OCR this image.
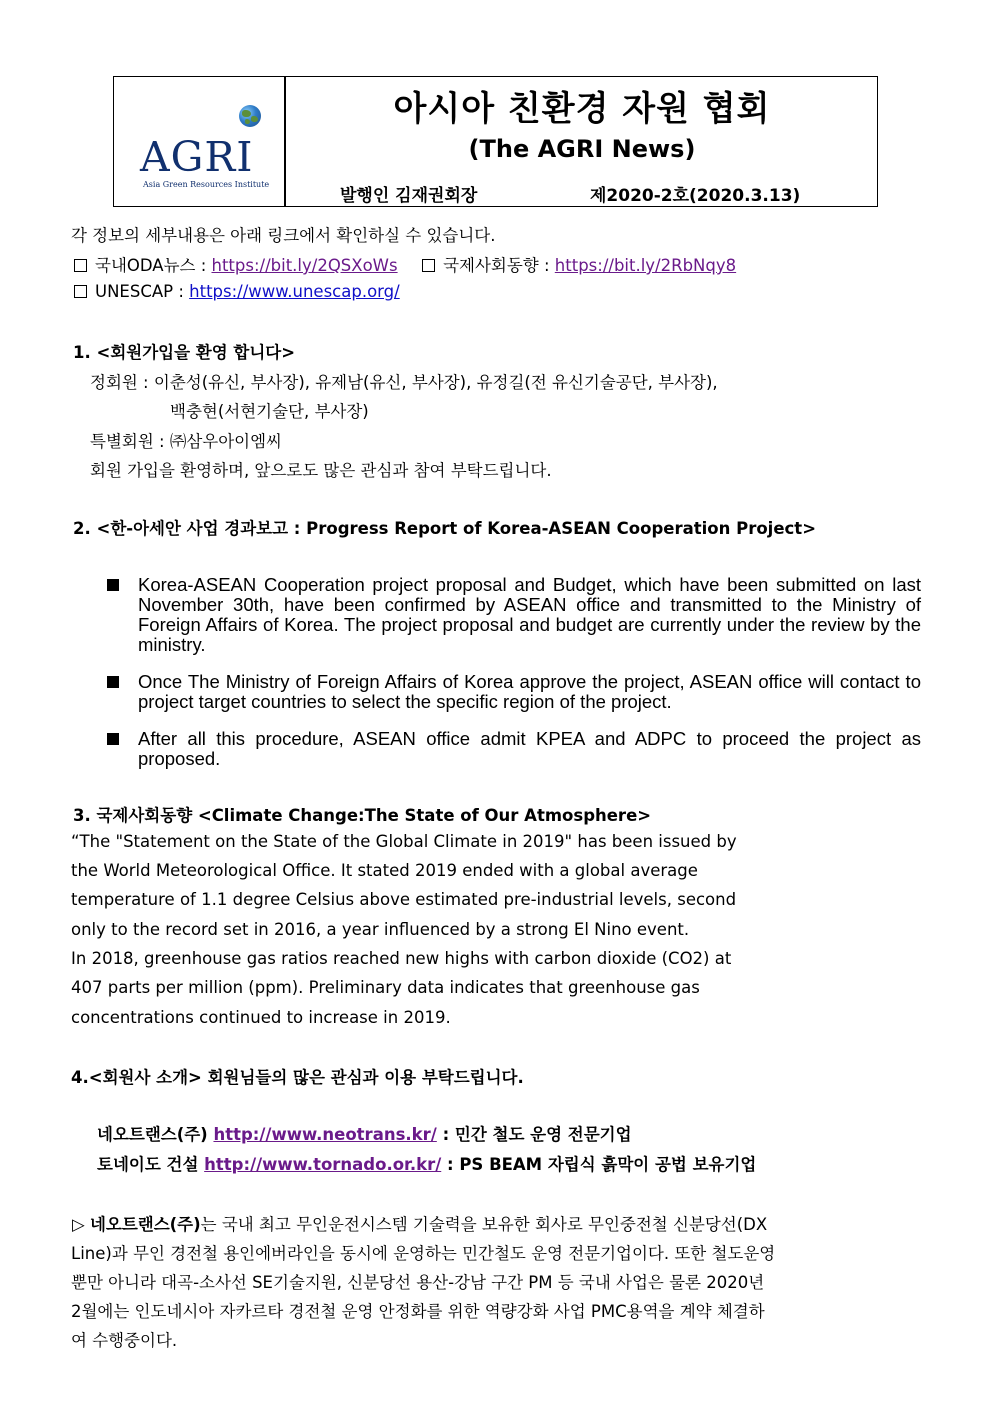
AGRI
Asia Green Resources Institute
아시아 친환경 자원 협회
(The AGRI News)
발행인 김재권회장	제2020-2호(2020.3.13)
각 정보의 세부내용은 아래 링크에서 확인하실 수 있습니다.
국내ODA뉴스 : https://bit.ly/2QSXoWs	국제사회동향 : https://bit.ly/2RbNqy8
UNESCAP : https://www.unescap.org/
1. <회원가입을 환영 합니다>
정회원 : 이춘성(유신, 부사장), 유제남(유신, 부사장), 유정길(전 유신기술공단, 부사장),
백충현(서현기술단, 부사장)
특별회원 : ㈜삼우아이엠씨
회원 가입을 환영하며, 앞으로도 많은 관심과 참여 부탁드립니다.
2. <한-아세안 사업 경과보고 : Progress Report of Korea-ASEAN Cooperation Project>
Korea-ASEAN Cooperation project proposal and Budget, which have been submitted on last November 30th, have been confirmed by ASEAN office and transmitted to the Ministry of Foreign Affairs of Korea. The project proposal and budget are currently under the review by the ministry.
Once The Ministry of Foreign Affairs of Korea approve the project, ASEAN office will contact to project target countries to select the specific region of the project.
After all this procedure, ASEAN office admit KPEA and ADPC to proceed the project as proposed.
3. 국제사회동향 <Climate Change:The State of Our Atmosphere>
“The "Statement on the State of the Global Climate in 2019" has been issued by
the World Meteorological Office. It stated 2019 ended with a global average
temperature of 1.1 degree Celsius above estimated pre-industrial levels, second
only to the record set in 2016, a year influenced by a strong El Nino event.
In 2018, greenhouse gas ratios reached new highs with carbon dioxide (CO2) at
407 parts per million (ppm). Preliminary data indicates that greenhouse gas
concentrations continued to increase in 2019.
4.<회원사 소개> 회원님들의 많은 관심과 이용 부탁드립니다.
네오트랜스(주) http://www.neotrans.kr/ : 민간 철도 운영 전문기업
토네이도 건설 http://www.tornado.or.kr/ : PS BEAM 자립식 흙막이 공법 보유기업
▷ 네오트랜스(주)는 국내 최고 무인운전시스템 기술력을 보유한 회사로 무인중전철 신분당선(DX
Line)과 무인 경전철 용인에버라인을 동시에 운영하는 민간철도 운영 전문기업이다. 또한 철도운영
뿐만 아니라 대곡-소사선 SE기술지원, 신분당선 용산-강남 구간 PM 등 국내 사업은 물론 2020년
2월에는 인도네시아 자카르타 경전철 운영 안정화를 위한 역량강화 사업 PMC용역을 계약 체결하
여 수행중이다.
